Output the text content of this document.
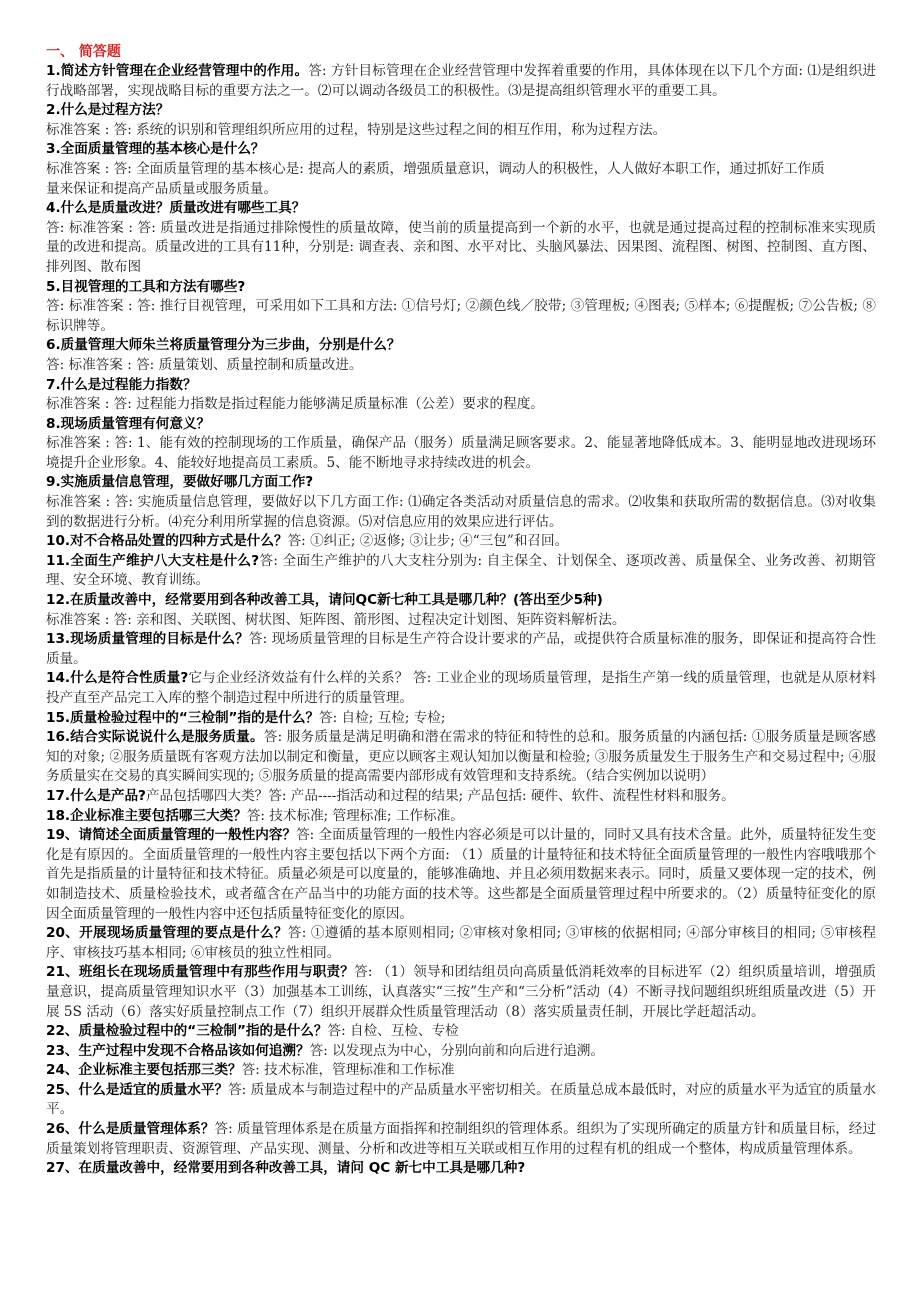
一、 简答题

1.简述方针管理在企业经营管理中的作用。答: 方针目标管理在企业经营管理中发挥着重要的作用，具体体现在以下几个方面: ⑴是组织进行战略部署，实现战略目标的重要方法之一。⑵可以调动各级员工的积极性。⑶是提高组织管理水平的重要工具。

2.什么是过程方法？
标准答案 : 答: 系统的识别和管理组织所应用的过程，特别是这些过程之间的相互作用，称为过程方法。

3.全面质量管理的基本核心是什么？
标准答案 : 答: 全面质量管理的基本核心是: 提高人的素质，增强质量意识，调动人的积极性，人人做好本职工作，通过抓好工作质
量来保证和提高产品质量或服务质量。

4.什么是质量改进？质量改进有哪些工具？
答: 标准答案 : 答: 质量改进是指通过排除慢性的质量故障，使当前的质量提高到一个新的水平，也就是通过提高过程的控制标准来实现质量的改进和提高。质量改进的工具有11种，分别是: 调查表、亲和图、水平对比、头脑风暴法、因果图、流程图、树图、控制图、直方图、排列图、散布图

5.目视管理的工具和方法有哪些?
答: 标准答案 : 答: 推行目视管理，可采用如下工具和方法: ①信号灯; ②颜色线／胶带; ③管理板; ④图表; ⑤样本; ⑥提醒板; ⑦公告板; ⑧标识牌等。

6.质量管理大师朱兰将质量管理分为三步曲，分别是什么？
答: 标准答案 : 答: 质量策划、质量控制和质量改进。

7.什么是过程能力指数？
标准答案 : 答: 过程能力指数是指过程能力能够满足质量标准（公差）要求的程度。

8.现场质量管理有何意义？
标准答案 : 答: 1、能有效的控制现场的工作质量，确保产品（服务）质量满足顾客要求。2、能显著地降低成本。3、能明显地改进现场环境提升企业形象。4、能较好地提高员工素质。5、能不断地寻求持续改进的机会。

9.实施质量信息管理，要做好哪几方面工作?
标准答案 : 答: 实施质量信息管理，要做好以下几方面工作: ⑴确定各类活动对质量信息的需求。⑵收集和获取所需的数据信息。⑶对收集到的数据进行分析。⑷充分利用所掌握的信息资源。⑸对信息应用的效果应进行评估。

10.对不合格品处置的四种方式是什么？答: ①纠正; ②返修; ③让步; ④“三包”和召回。

11.全面生产维护八大支柱是什么?答: 全面生产维护的八大支柱分别为: 自主保全、计划保全、逐项改善、质量保全、业务改善、初期管理、安全环境、教育训练。

12.在质量改善中，经常要用到各种改善工具，请问QC新七种工具是哪几种？(答出至少5种)
标准答案 : 答: 亲和图、关联图、树状图、矩阵图、箭形图、过程决定计划图、矩阵资料解析法。

13.现场质量管理的目标是什么？答: 现场质量管理的目标是生产符合设计要求的产品，或提供符合质量标准的服务，即保证和提高符合性质量。

14.什么是符合性质量?它与企业经济效益有什么样的关系？ 答: 工业企业的现场质量管理，是指生产第一线的质量管理，也就是从原材料投产直至产品完工入库的整个制造过程中所进行的质量管理。

15.质量检验过程中的“三检制”指的是什么？答: 自检; 互检; 专检;

16.结合实际说说什么是服务质量。答: 服务质量是满足明确和潜在需求的特征和特性的总和。服务质量的内涵包括: ①服务质量是顾客感知的对象; ②服务质量既有客观方法加以制定和衡量，更应以顾客主观认知加以衡量和检验; ③服务质量发生于服务生产和交易过程中; ④服务质量实在交易的真实瞬间实现的; ⑤服务质量的提高需要内部形成有效管理和支持系统。（结合实例加以说明）

17.什么是产品?产品包括哪四大类？答: 产品----指活动和过程的结果; 产品包括: 硬件、软件、流程性材料和服务。

18.企业标准主要包括哪三大类？答: 技术标准; 管理标准; 工作标准。

19、请简述全面质量管理的一般性内容？答: 全面质量管理的一般性内容必须是可以计量的，同时又具有技术含量。此外，质量特征发生变化是有原因的。全面质量管理的一般性内容主要包括以下两个方面: （1）质量的计量特征和技术特征全面质量管理的一般性内容哦哦那个首先是指质量的计量特征和技术特征。质量必须是可以度量的，能够准确地、并且必须用数据来表示。同时，质量又要体现一定的技术，例如制造技术、质量检验技术，或者蕴含在产品当中的功能方面的技术等。这些都是全面质量管理过程中所要求的。（2）质量特征变化的原因全面质量管理的一般性内容中还包括质量特征变化的原因。

20、开展现场质量管理的要点是什么？答: ①遵循的基本原则相同; ②审核对象相同; ③审核的依据相同; ④部分审核目的相同; ⑤审核程序、审核技巧基本相同; ⑥审核员的独立性相同。

21、班组长在现场质量管理中有那些作用与职责？答: （1）领导和团结组员向高质量低消耗效率的目标进军（2）组织质量培训，增强质量意识，提高质量管理知识水平（3）加强基本工训练，认真落实“三按”生产和“三分析”活动（4）不断寻找问题组织班组质量改进（5）开展 5S 活动（6）落实好质量控制点工作（7）组织开展群众性质量管理活动（8）落实质量责任制，开展比学赶超活动。

22、质量检验过程中的“三检制”指的是什么？答: 自检、互检、专检

23、生产过程中发现不合格品该如何追溯？答: 以发现点为中心，分别向前和向后进行追溯。

24、企业标准主要包括那三类？答: 技术标准，管理标准和工作标准

25、什么是适宜的质量水平？答: 质量成本与制造过程中的产品质量水平密切相关。在质量总成本最低时，对应的质量水平为适宜的质量水平。

26、什么是质量管理体系？答: 质量管理体系是在质量方面指挥和控制组织的管理体系。组织为了实现所确定的质量方针和质量目标，经过质量策划将管理职责、资源管理、产品实现、测量、分析和改进等相互关联或相互作用的过程有机的组成一个整体，构成质量管理体系。

27、在质量改善中，经常要用到各种改善工具，请问 QC 新七中工具是哪几种?
